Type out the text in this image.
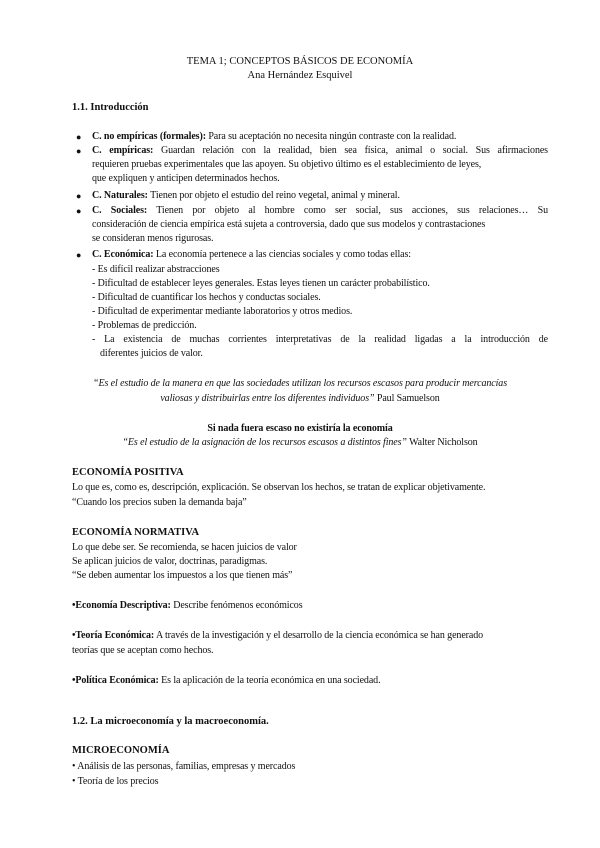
TEMA 1; CONCEPTOS BÁSICOS DE ECONOMÍA
Ana Hernández Esquivel
1.1. Introducción
● C. no empíricas (formales): Para su aceptación no necesita ningún contraste con la realidad.
● C. empíricas: Guardan relación con la realidad, bien sea física, animal o social. Sus afirmaciones
requieren pruebas experimentales que las apoyen. Su objetivo último es el establecimiento de leyes,
que expliquen y anticipen determinados hechos.
● C. Naturales: Tienen por objeto el estudio del reino vegetal, animal y mineral.
● C. Sociales: Tienen por objeto al hombre como ser social, sus acciones, sus relaciones… Su
consideración de ciencia empírica está sujeta a controversia, dado que sus modelos y contrastaciones
se consideran menos rigurosas.
● C. Económica: La economía pertenece a las ciencias sociales y como todas ellas:
- Es difícil realizar abstracciones
- Dificultad de establecer leyes generales. Estas leyes tienen un carácter probabilístico.
- Dificultad de cuantificar los hechos y conductas sociales.
- Dificultad de experimentar mediante laboratorios y otros medios.
- Problemas de predicción.
- La existencia de muchas corrientes interpretativas de la realidad ligadas a la introducción de
diferentes juicios de valor.
“Es el estudio de la manera en que las sociedades utilizan los recursos escasos para producir mercancías
valiosas y distribuirlas entre los diferentes individuos” Paul Samuelson
Si nada fuera escaso no existiría la economía
“Es el estudio de la asignación de los recursos escasos a distintos fines” Walter Nicholson
ECONOMÍA POSITIVA
Lo que es, como es, descripción, explicación. Se observan los hechos, se tratan de explicar objetivamente.
“Cuando los precios suben la demanda baja”
ECONOMÍA NORMATIVA
Lo que debe ser. Se recomienda, se hacen juicios de valor
Se aplican juicios de valor, doctrinas, paradigmas.
“Se deben aumentar los impuestos a los que tienen más”
•Economía Descriptiva: Describe fenómenos económicos
•Teoría Económica: A través de la investigación y el desarrollo de la ciencia económica se han generado
teorías que se aceptan como hechos.
•Política Económica: Es la aplicación de la teoría económica en una sociedad.
1.2. La microeconomía y la macroeconomía.
MICROECONOMÍA
• Análisis de las personas, familias, empresas y mercados
• Teoría de los precios
